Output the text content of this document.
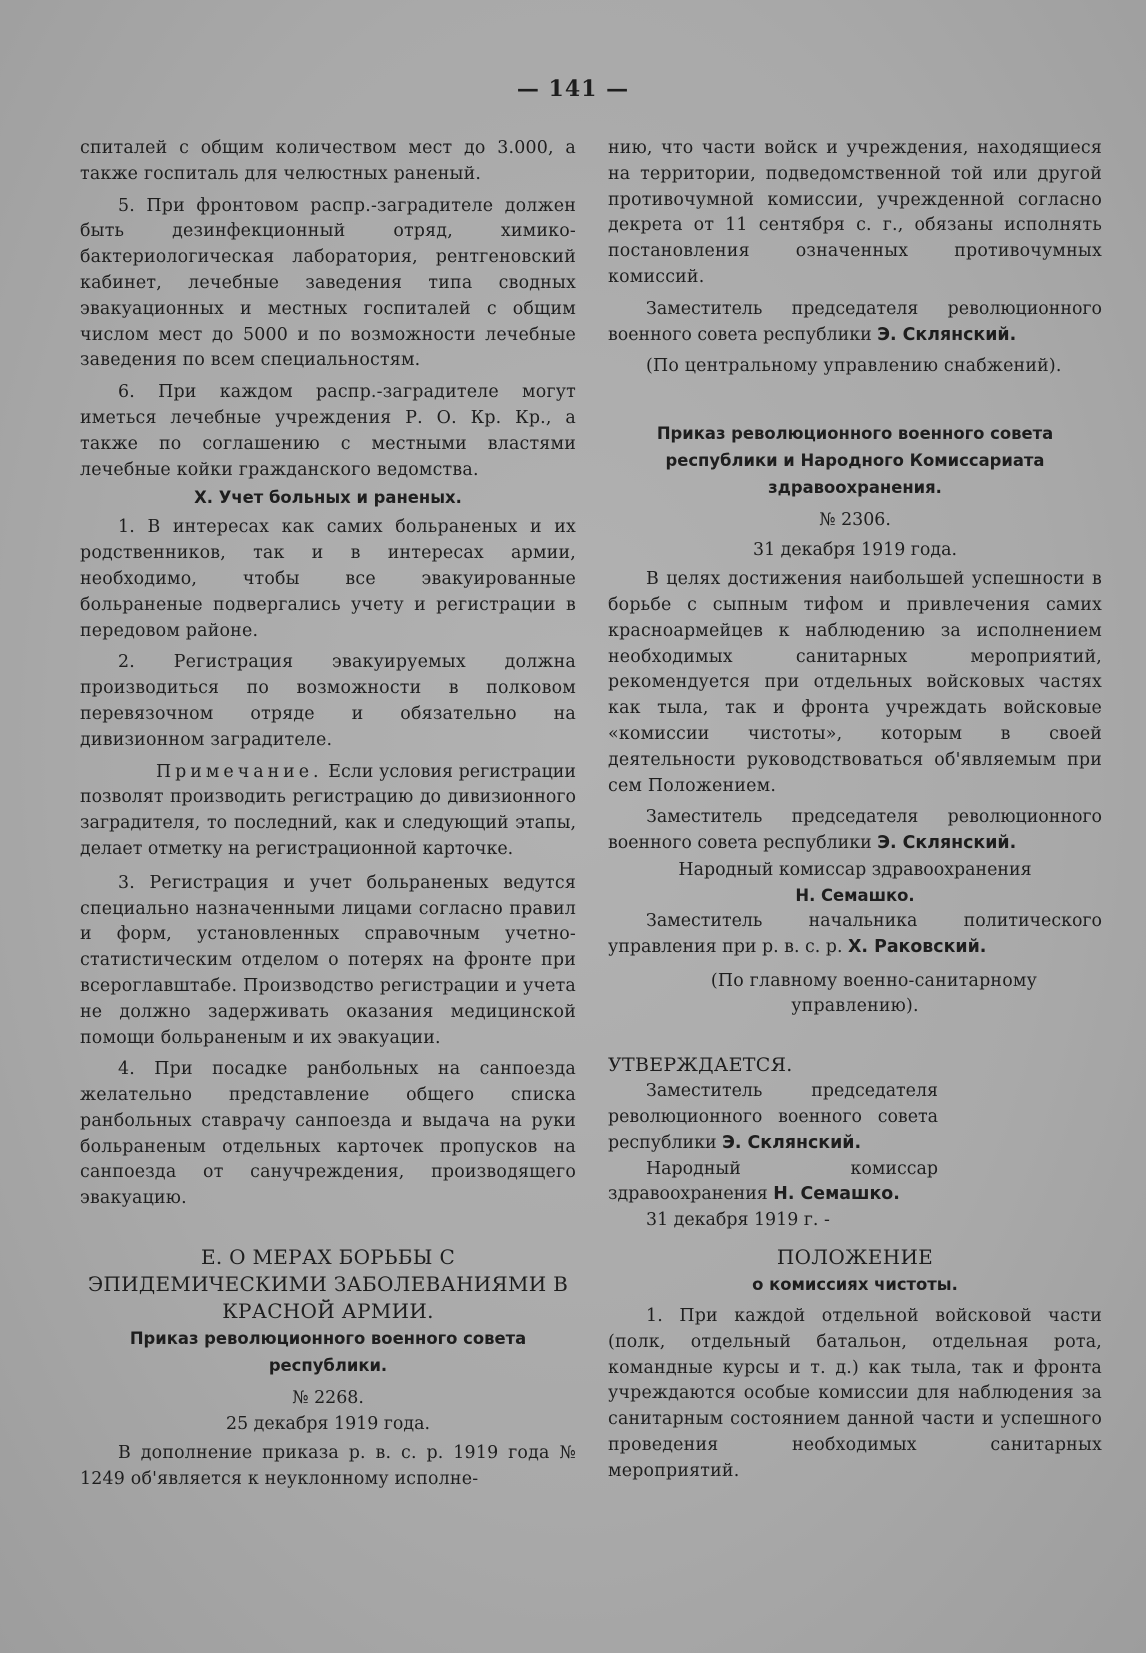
— 141 —

спиталей с общим количеством мест до 3.000, а также госпиталь для челюстных раненый.

5. При фронтовом распр.-заградителе должен быть дезинфекционный отряд, химико-бактериологическая лаборатория, рентгеновский кабинет, лечебные заведения типа сводных эвакуационных и местных госпиталей с общим числом мест до 5000 и по возможности лечебные заведения по всем специальностям.

6. При каждом распр.-заградителе могут иметься лечебные учреждения Р. О. Кр. Кр., а также по соглашению с местными властями лечебные койки гражданского ведомства.

X. Учет больных и раненых.

1. В интересах как самих больраненых и их родственников, так и в интересах армии, необходимо, чтобы все эвакуированные больраненые подвергались учету и регистрации в передовом районе.

2. Регистрация эвакуируемых должна производиться по возможности в полковом перевязочном отряде и обязательно на дивизионном заградителе.

Примечание. Если условия регистрации позволят производить регистрацию до дивизионного заградителя, то последний, как и следующий этапы, делает отметку на регистрационной карточке.

3. Регистрация и учет больраненых ведутся специально назначенными лицами согласно правил и форм, установленных справочным учетно-статистическим отделом о потерях на фронте при всероглавштабе. Производство регистрации и учета не должно задерживать оказания медицинской помощи больраненым и их эвакуации.

4. При посадке ранбольных на санпоезда желательно представление общего списка ранбольных ставрачу санпоезда и выдача на руки больраненым отдельных карточек пропусков на санпоезда от санучреждения, производящего эвакуацию.

Е. О МЕРАХ БОРЬБЫ С ЭПИДЕМИЧЕСКИМИ ЗАБОЛЕВАНИЯМИ В КРАСНОЙ АРМИИ.
Приказ революционного военного совета республики.
№ 2268.
25 декабря 1919 года.

В дополнение приказа р. в. с. р. 1919 года № 1249 об'является к неуклонному исполне-

нию, что части войск и учреждения, находящиеся на территории, подведомственной той или другой противочумной комиссии, учрежденной согласно декрета от 11 сентября с. г., обязаны исполнять постановления означенных противочумных комиссий.

Заместитель председателя революционного военного совета республики Э. Склянский.

(По центральному управлению снабжений).

Приказ революционного военного совета республики и Народного Комиссариата здравоохранения.
№ 2306.
31 декабря 1919 года.

В целях достижения наибольшей успешности в борьбе с сыпным тифом и привлечения самих красноармейцев к наблюдению за исполнением необходимых санитарных мероприятий, рекомендуется при отдельных войсковых частях как тыла, так и фронта учреждать войсковые «комиссии чистоты», которым в своей деятельности руководствоваться об'являемым при сем Положением.

Заместитель председателя революционного военного совета республики Э. Склянский.

Народный комиссар здравоохранения
Н. Семашко.

Заместитель начальника политического управления при р. в. с. р. Х. Раковский.

(По главному военно-санитарному управлению).

УТВЕРЖДАЕТСЯ.

Заместитель председателя революционного военного совета республики Э. Склянский.

Народный комиссар здравоохранения Н. Семашко.

31 декабря 1919 г. -

ПОЛОЖЕНИЕ
о комиссиях чистоты.

1. При каждой отдельной войсковой части (полк, отдельный батальон, отдельная рота, командные курсы и т. д.) как тыла, так и фронта учреждаются особые комиссии для наблюдения за санитарным состоянием данной части и успешного проведения необходимых санитарных мероприятий.
